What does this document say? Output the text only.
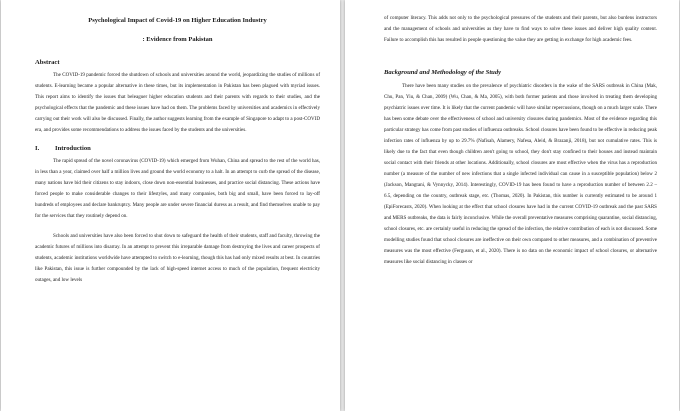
Psychological Impact of Covid-19 on Higher Education Industry
: Evidence from Pakistan
Abstract

The COVID-19 pandemic forced the shutdown of schools and universities around the world, jeopardizing the studies of millions of students. E-learning became a popular alternative in these times, but its implementation in Pakistan has been plagued with myriad issues. This report aims to identify the issues that beleaguer higher education students and their parents with regards to their studies, and the psychological effects that the pandemic and these issues have had on them. The problems faced by universities and academics in effectively carrying out their work will also be discussed. Finally, the author suggests learning from the example of Singapore to adapt to a post-COVID era, and provides some recommendations to address the issues faced by the students and the universities.

I.	Introduction

The rapid spread of the novel coronavirus (COVID-19) which emerged from Wuhan, China and spread to the rest of the world has, in less than a year, claimed over half a million lives and ground the world economy to a halt. In an attempt to curb the spread of the disease, many nations have bid their citizens to stay indoors, close down non-essential businesses, and practice social distancing. These actions have forced people to make considerable changes to their lifestyles, and many companies, both big and small, have been forced to lay-off hundreds of employees and declare bankruptcy. Many people are under severe financial duress as a result, and find themselves unable to pay for the services that they routinely depend on.

Schools and universities have also been forced to shut down to safeguard the health of their students, staff and faculty, throwing the academic futures of millions into disarray. In an attempt to prevent this irreparable damage from destroying the lives and career prospects of students, academic institutions worldwide have attempted to switch to e-learning, though this has had only mixed results at best. In countries like Pakistan, this issue is further compounded by the lack of high-speed internet access to much of the population, frequent electricity outages, and low levels

of computer literacy. This adds not only to the psychological pressures of the students and their parents, but also burdens instructors and the management of schools and universities as they have to find ways to solve these issues and deliver high quality content. Failure to accomplish this has resulted in people questioning the value they are getting in exchange for high academic fees.

Background and Methodology of the Study

There have been many studies on the prevalence of psychiatric disorders in the wake of the SARS outbreak in China (Mak, Chu, Pan, Yiu, & Chan, 2009) (Wu, Chan, & Ma, 2005), with both former patients and those involved in treating them developing psychiatric issues over time. It is likely that the current pandemic will have similar repercussions, though on a much larger scale. There has been some debate over the effectiveness of school and university closures during pandemics. Most of the evidence regarding this particular strategy has come from past studies of influenza outbreaks. School closures have been found to be effective in reducing peak infection rates of influenza by up to 29.7% (Nafisah, Alamery, Nafesa, Aleid, & Brazanji, 2018), but not cumulative rates. This is likely due to the fact that even though children aren't going to school, they don't stay confined to their houses and instead maintain social contact with their friends at other locations. Additionally, school closures are most effective when the virus has a reproduction number (a measure of the number of new infections that a single infected individual can cause in a susceptible population) below 2 (Jackson, Mangtani, & Vynnycky, 2014). Interestingly, COVID-19 has been found to have a reproduction number of between 2.2 – 6.5, depending on the country, outbreak stage, etc. (Thomas, 2020). In Pakistan, this number is currently estimated to be around 1 (EpiForecasts, 2020). When looking at the effect that school closures have had in the current COVID-19 outbreak and the past SARS and MERS outbreaks, the data is fairly inconclusive. While the overall preventative measures comprising quarantine, social distancing, school closures, etc. are certainly useful in reducing the spread of the infection, the relative contribution of each is not discussed. Some modelling studies found that school closures are ineffective on their own compared to other measures, and a combination of preventive measures was the most effective (Ferguson, et al., 2020). There is no data on the economic impact of school closures, or alternative measures like social distancing in classes or
